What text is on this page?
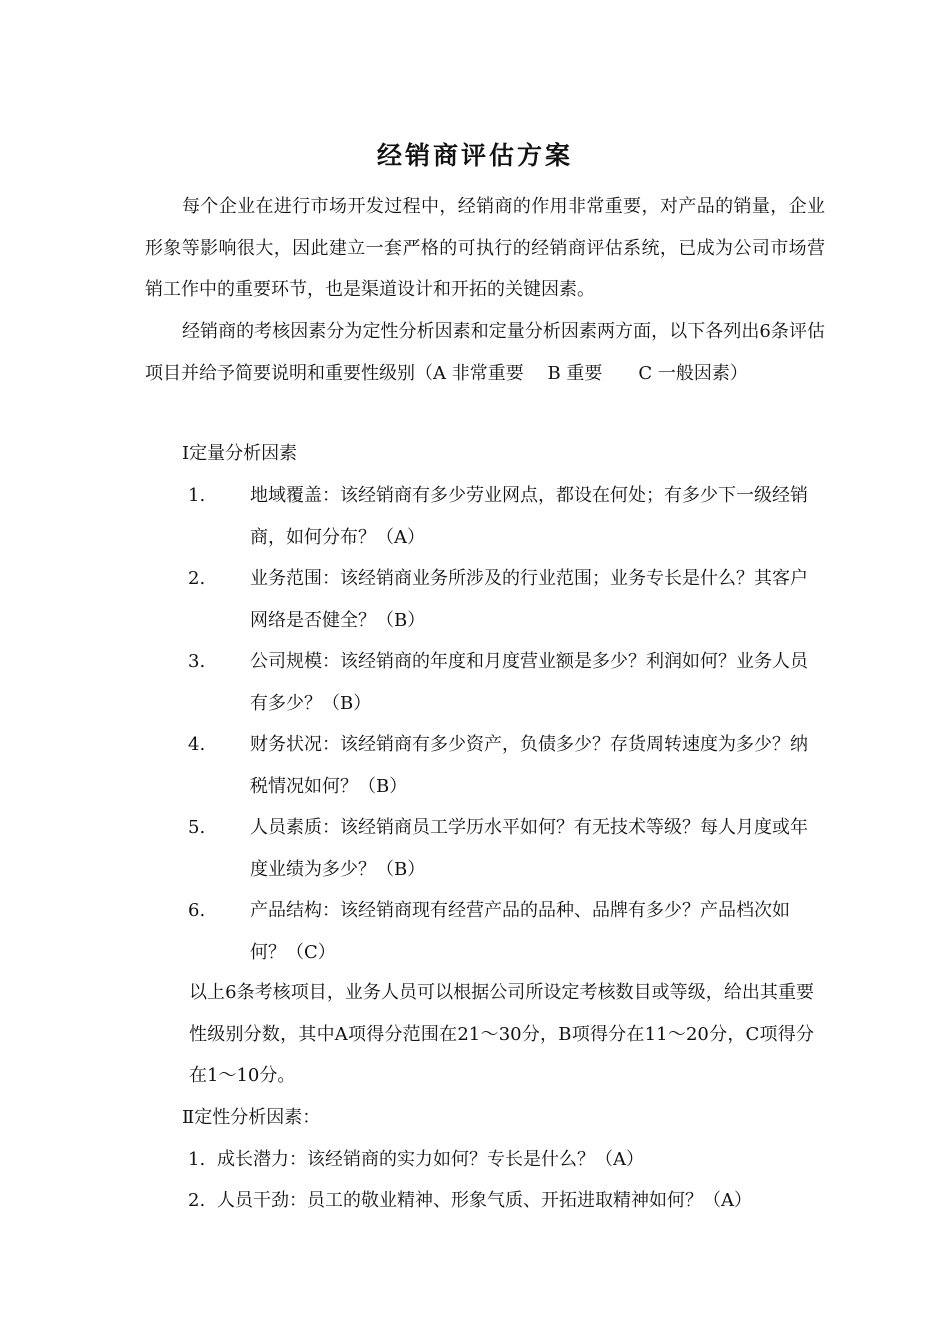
经销商评估方案

每个企业在进行市场开发过程中，经销商的作用非常重要，对产品的销量，企业形象等影响很大，因此建立一套严格的可执行的经销商评估系统，已成为公司市场营销工作中的重要环节，也是渠道设计和开拓的关键因素。

经销商的考核因素分为定性分析因素和定量分析因素两方面，以下各列出6条评估项目并给予简要说明和重要性级别（A 非常重要　 B 重要　　C 一般因素）

Ⅰ定量分析因素

1. 地域覆盖：该经销商有多少劳业网点，都设在何处；有多少下一级经销商，如何分布？（A）

2. 业务范围：该经销商业务所涉及的行业范围；业务专长是什么？其客户网络是否健全？（B）

3. 公司规模：该经销商的年度和月度营业额是多少？利润如何？业务人员有多少？（B）

4. 财务状况：该经销商有多少资产，负债多少？存货周转速度为多少？纳税情况如何？（B）

5. 人员素质：该经销商员工学历水平如何？有无技术等级？每人月度或年度业绩为多少？（B）

6. 产品结构：该经销商现有经营产品的品种、品牌有多少？产品档次如何？（C）

以上6条考核项目，业务人员可以根据公司所设定考核数目或等级，给出其重要性级别分数，其中A项得分范围在21～30分，B项得分在11～20分，C项得分在1～10分。

Ⅱ定性分析因素：

1. 成长潜力：该经销商的实力如何？专长是什么？（A）
2. 人员干劲：员工的敬业精神、形象气质、开拓进取精神如何？（A）
